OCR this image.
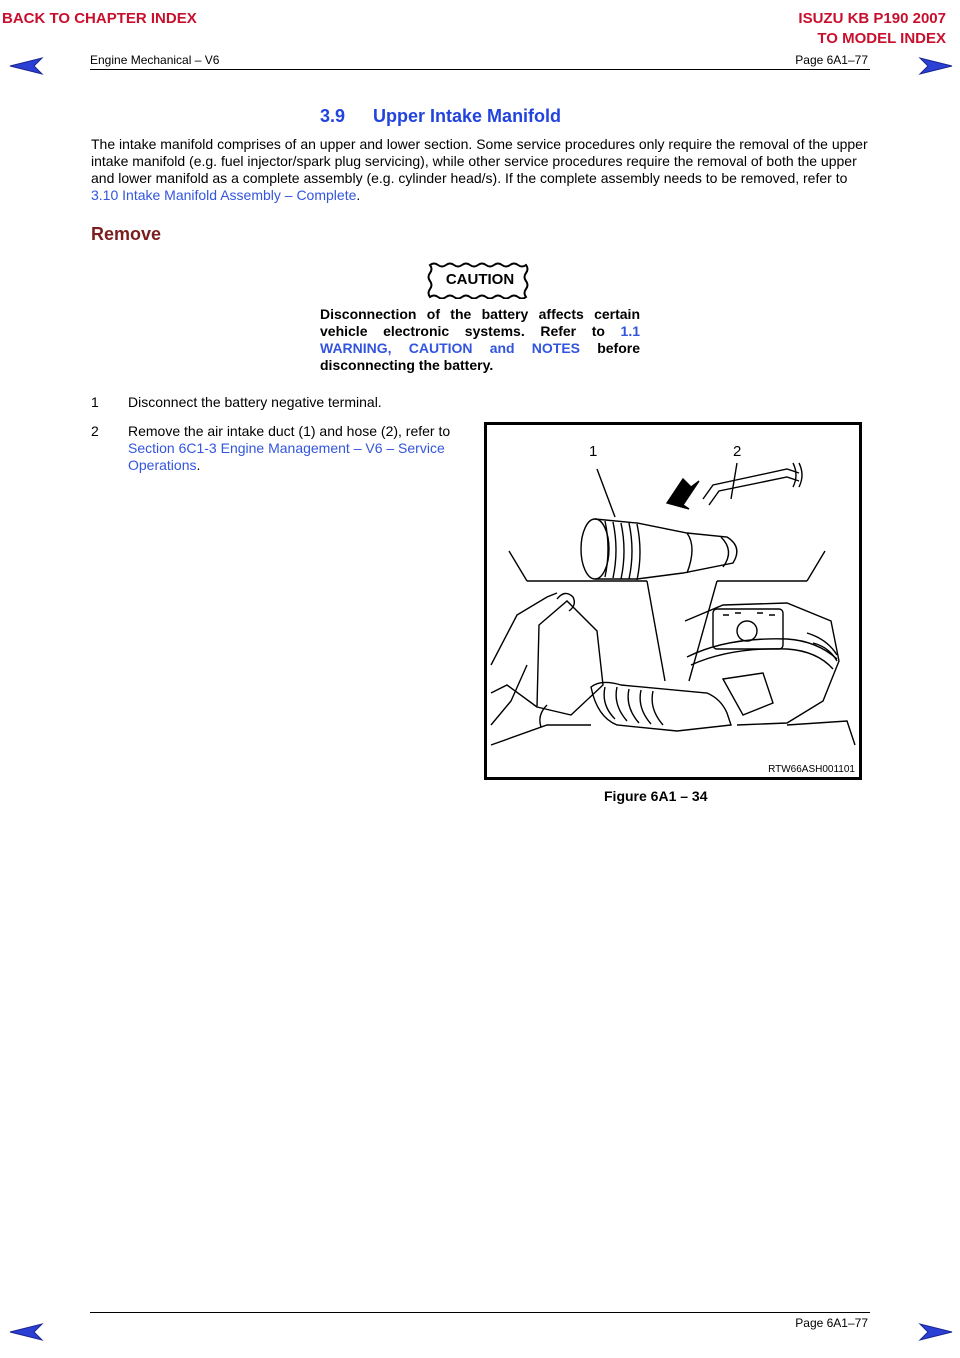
BACK TO CHAPTER INDEX	ISUZU KB P190 2007
TO MODEL INDEX
Engine Mechanical – V6	Page 6A1–77
3.9 Upper Intake Manifold
The intake manifold comprises of an upper and lower section. Some service procedures only require the removal of the upper intake manifold (e.g. fuel injector/spark plug servicing), while other service procedures require the removal of both the upper and lower manifold as a complete assembly (e.g. cylinder head/s). If the complete assembly needs to be removed, refer to 3.10 Intake Manifold Assembly – Complete.
Remove
CAUTION
Disconnection of the battery affects certain vehicle electronic systems. Refer to 1.1 WARNING, CAUTION and NOTES before disconnecting the battery.
1 Disconnect the battery negative terminal.
2 Remove the air intake duct (1) and hose (2), refer to Section 6C1-3 Engine Management – V6 – Service Operations.
1	2
RTW66ASH001101
Figure 6A1 – 34
Page 6A1–77
